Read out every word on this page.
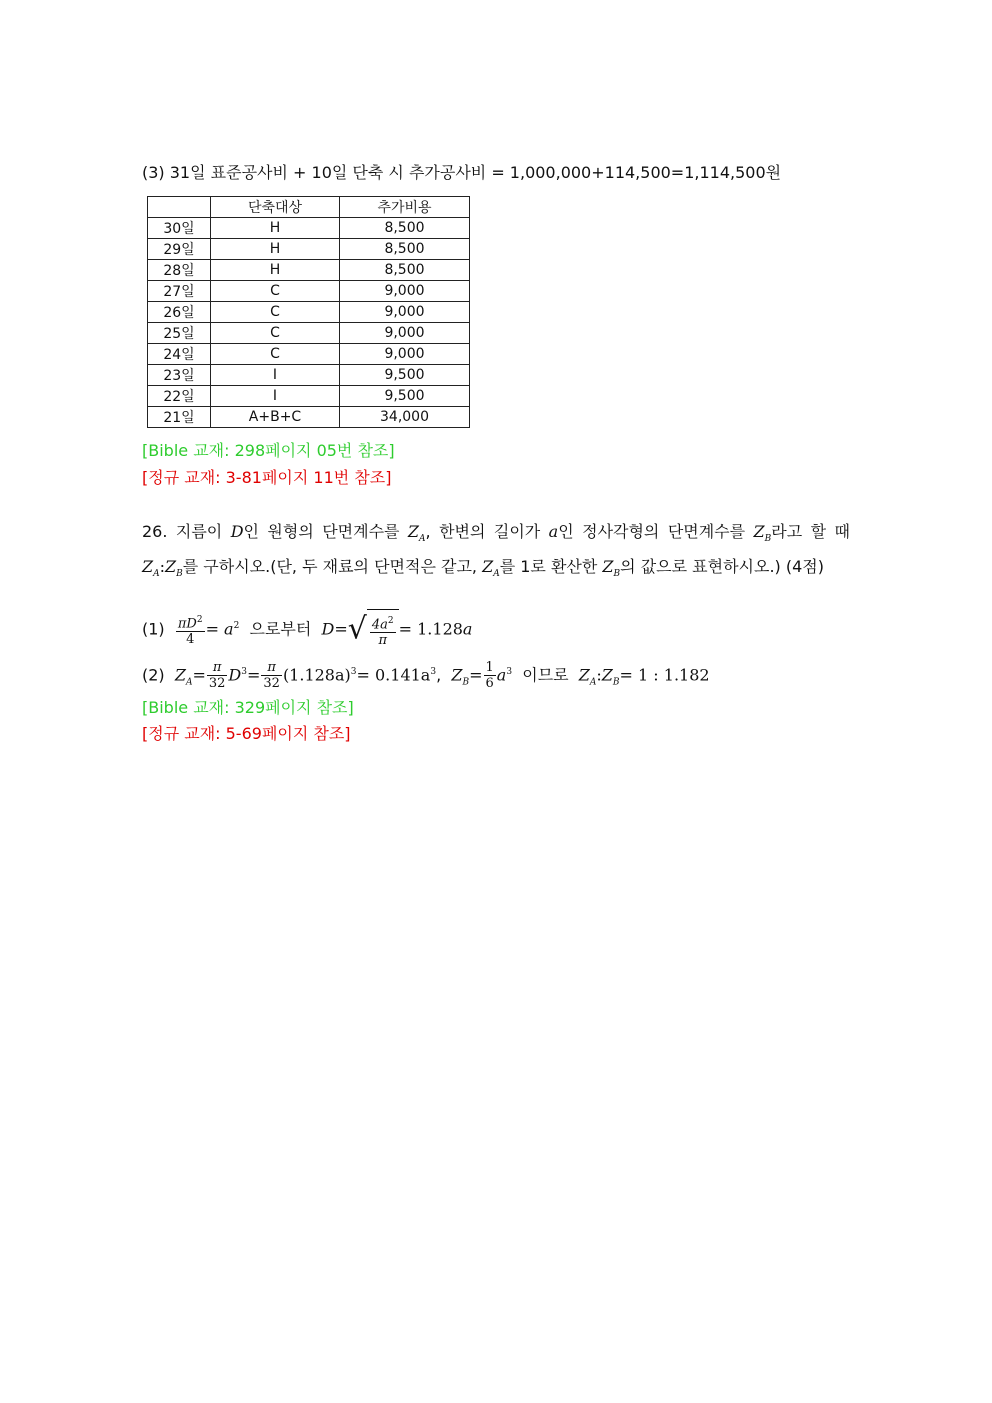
(3) 31일 표준공사비 + 10일 단축 시 추가공사비 = 1,000,000+114,500=1,114,500원
	단축대상	추가비용
30일	H	8,500
29일	H	8,500
28일	H	8,500
27일	C	9,000
26일	C	9,000
25일	C	9,000
24일	C	9,000
23일	I	9,500
22일	I	9,500
21일	A+B+C	34,000
[Bible 교재: 298페이지 05번 참조]
[정규 교재: 3-81페이지 11번 참조]
26. 지름이 D인 원형의 단면계수를 $Z_A$, 한변의 길이가 a인 정사각형의 단면계수를 $Z_B$라고 할 때 $Z_A:Z_B$를 구하시오.(단, 두 재료의 단면적은 같고, $Z_A$를 1로 환산한 $Z_B$의 값으로 표현하시오.) (4점)
$(1) \frac{\pi D^2}{4} = a^2$ 으로부터 $D=√ \frac{4a^2}{\pi} = 1.128a$
(2) $Z_A= \frac{\pi}{32} D^3= \frac{\pi}{32} (1.128a)^3= 0.141a^3$,  $Z_B= \frac{1}{6} a^3$ 이므로 $Z_A:Z_B= 1$ : 1.182
[Bible 교재: 329페이지 참조]
[정규 교재: 5-69페이지 참조]
